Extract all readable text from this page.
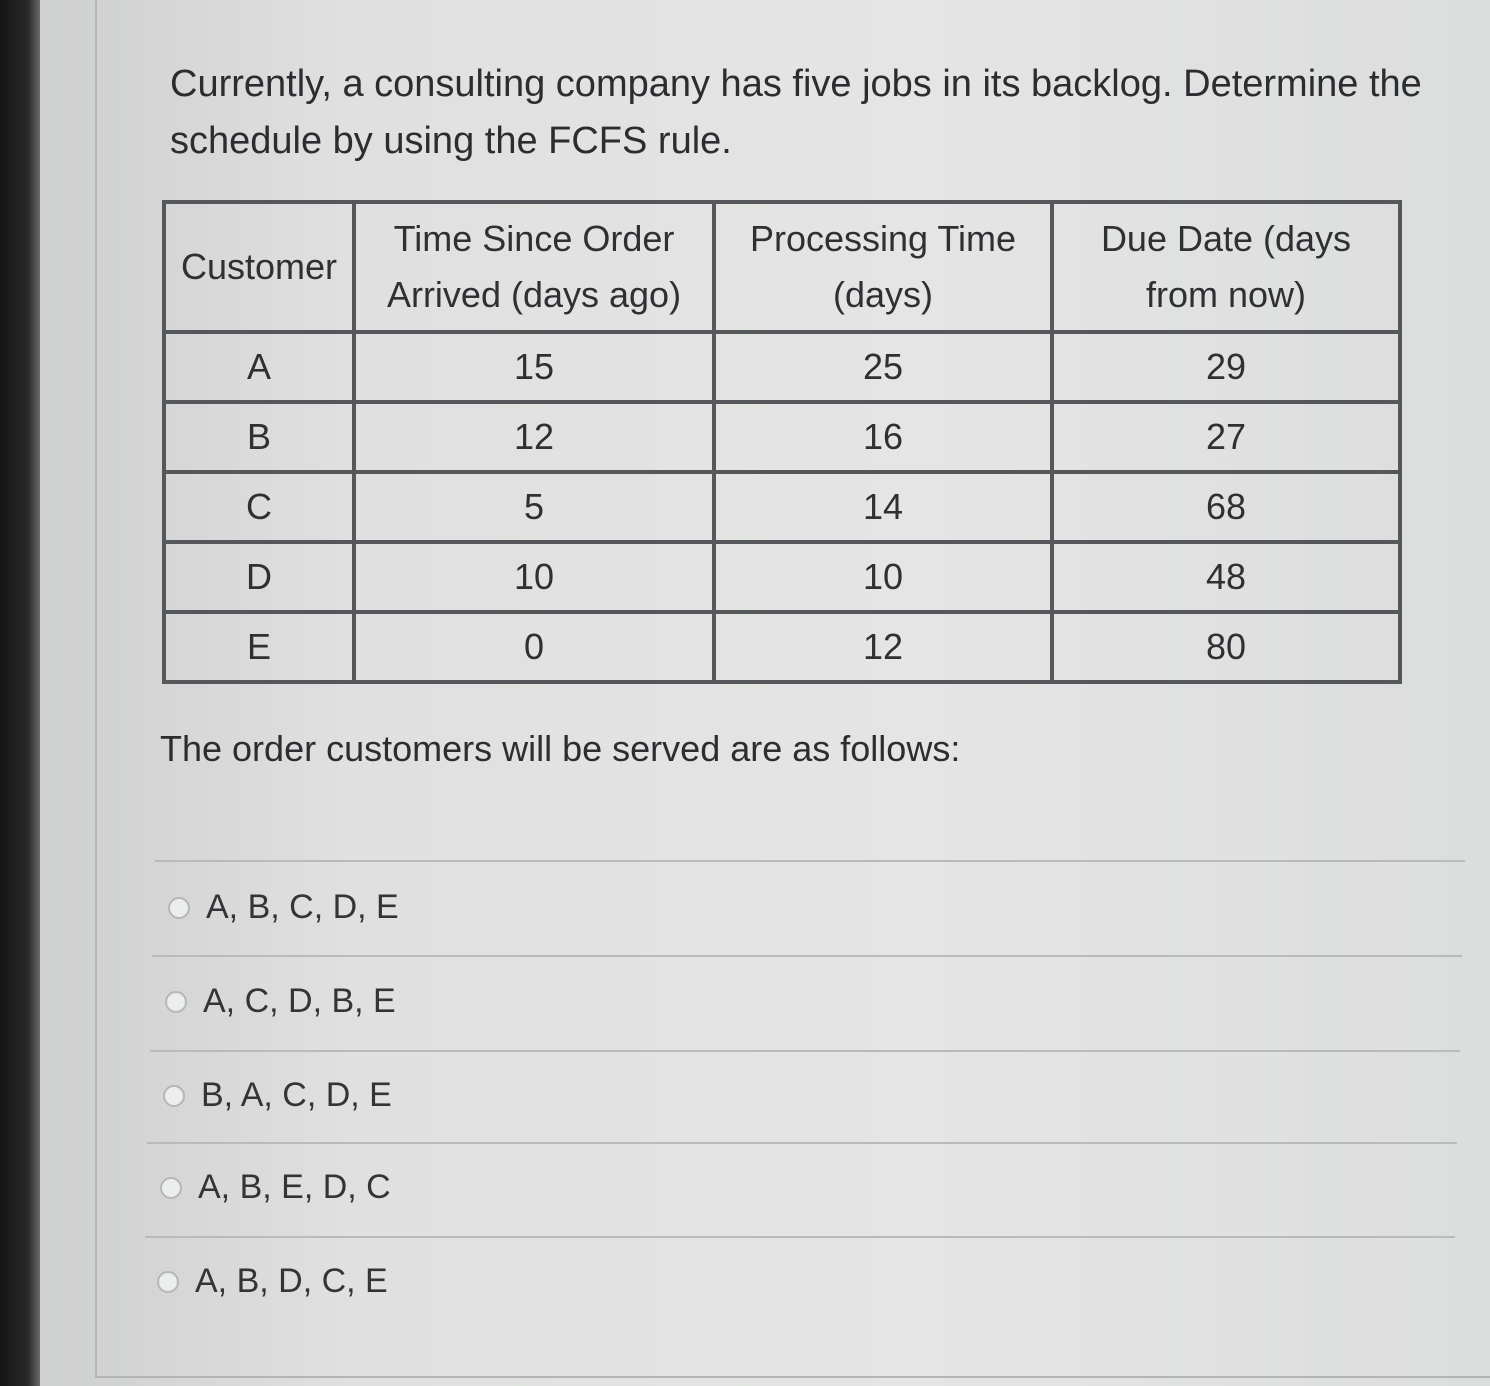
Currently, a consulting company has five jobs in its backlog. Determine the schedule by using the FCFS rule.

Customer	Time Since Order Arrived (days ago)	Processing Time (days)	Due Date (days from now)
A	15	25	29
B	12	16	27
C	5	14	68
D	10	10	48
E	0	12	80

The order customers will be served are as follows:

A, B, C, D, E
A, C, D, B, E
B, A, C, D, E
A, B, E, D, C
A, B, D, C, E
